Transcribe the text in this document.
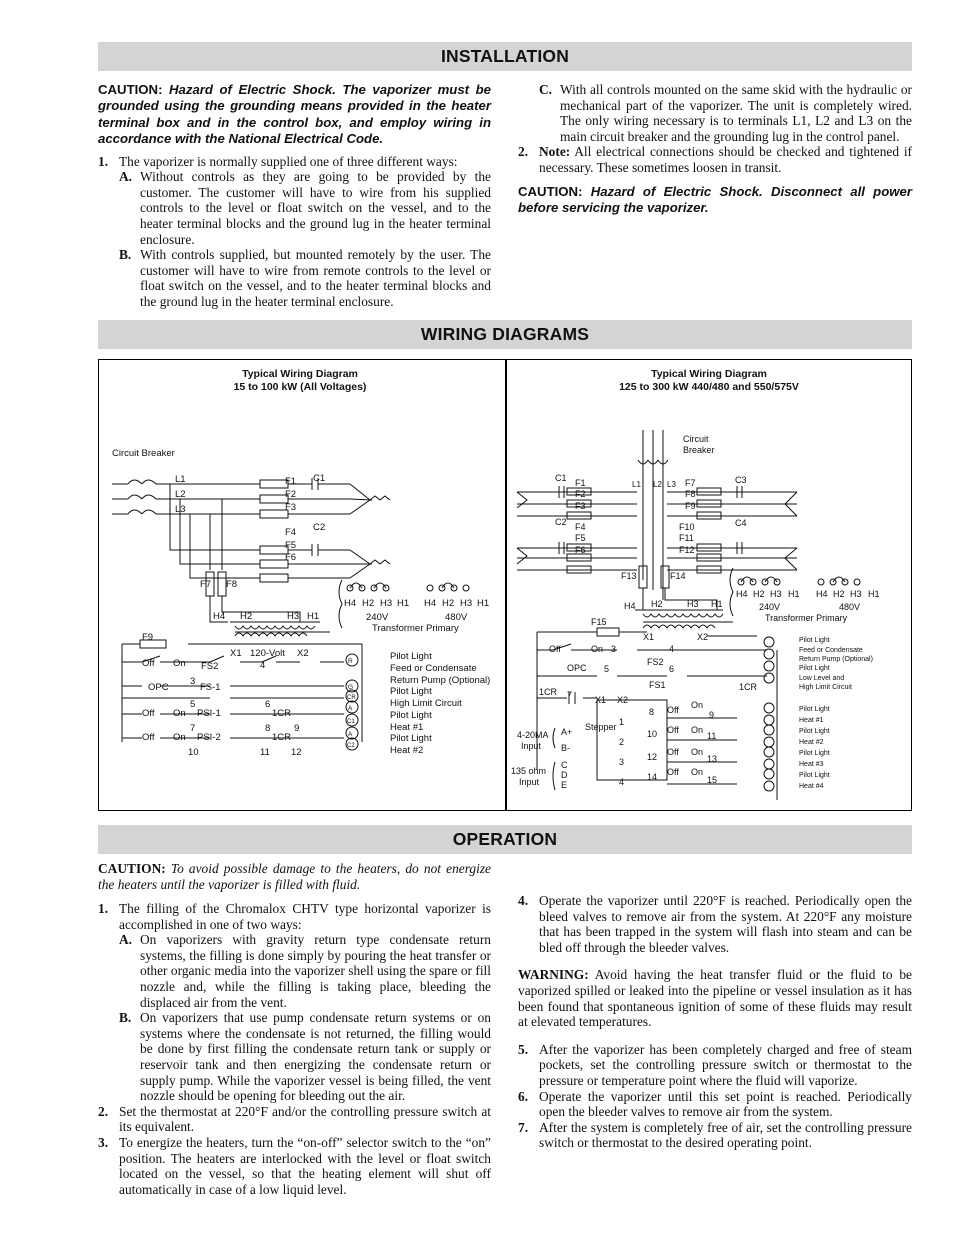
INSTALLATION

CAUTION: Hazard of Electric Shock. The vaporizer must be grounded using the grounding means provided in the heater terminal box and in the control box, and employ wiring in accordance with the National Electrical Code.

1. The vaporizer is normally supplied one of three different ways:
A. Without controls as they are going to be provided by the customer. The customer will have to wire from his supplied controls to the level or float switch on the vessel, and to the heater terminal blocks and the ground lug in the heater terminal enclosure.
B. With controls supplied, but mounted remotely by the user. The customer will have to wire from remote controls to the level or float switch on the vessel, and to the heater terminal blocks and the ground lug in the heater terminal enclosure.
C. With all controls mounted on the same skid with the hydraulic or mechanical part of the vaporizer. The unit is completely wired. The only wiring necessary is to terminals L1, L2 and L3 on the main circuit breaker and the grounding lug in the control panel.
2. Note: All electrical connections should be checked and tightened if necessary. These sometimes loosen in transit.

CAUTION: Hazard of Electric Shock. Disconnect all power before servicing the vaporizer.

WIRING DIAGRAMS
Typical Wiring Diagram
15 to 100 kW (All Voltages)
Typical Wiring Diagram
125 to 300 kW 440/480 and 550/575V
Circuit Breaker
L1
L2
L3
F1
F2
F3
F4
F5
F6
C1
C2
F7 F8
H4 H2	H3 H1
H4 H2 H3 H1 H4 H2 H3 H1
240V	480V
Transformer Primary
F9
X1 120-Volt X2
Off On FS2	4
OPC
3
FS-1
5	6
Off On PSI-1	1CR
7	8 9
Off On PSI-2	1CR
10	11 12
R
G
CR
A
C1
A
C2
Pilot Light
Feed or Condensate
Return Pump (Optional)
Pilot Light
High Limit Circuit
Pilot Light
Heat #1
Pilot Light
Heat #2
Circuit
Breaker
L1 L2 L3
C1
C2
C3
C4
F1
F2
F3
F4
F5
F6
F7
F8
F9
F10
F11
F12
F13	F14
H4 H2	H3 H1
H4 H2 H3 H1 H4 H2 H3 H1
240V	480V
Transformer Primary
F15
X1	X2
Off	On 3	4
FS2
6
OPC 5
FS1
1CR 7	X1 X2
Stepper 1
2
3
4
4-20MA
Input
A+
B-
135 ohm
Input
C
D
E
Off On
8	9
Off On
10	11
Off On
12	13
Off On
14	15
1CR
Pilot Light
Feed or Condensate
Return Pump (Optional)
Pilot Light
Low Level and
High Limit Circuit
Pilot Light
Heat #1
Pilot Light
Heat #2
Pilot Light
Heat #3
Pilot Light
Heat #4
OPERATION

CAUTION: To avoid possible damage to the heaters, do not energize the heaters until the vaporizer is filled with fluid.

1. The filling of the Chromalox CHTV type horizontal vaporizer is accomplished in one of two ways:
A. On vaporizers with gravity return type condensate return systems, the filling is done simply by pouring the heat transfer or other organic media into the vaporizer shell using the spare or fill nozzle and, while the filling is taking place, bleeding the displaced air from the vent.
B. On vaporizers that use pump condensate return systems or on systems where the condensate is not returned, the filling would be done by first filling the condensate return tank or supply or reservoir tank and then energizing the condensate return or supply pump. While the vaporizer vessel is being filled, the vent nozzle should be opening for bleeding out the air.
2. Set the thermostat at 220°F and/or the controlling pressure switch at its equivalent.
3. To energize the heaters, turn the “on-off” selector switch to the “on” position. The heaters are interlocked with the level or float switch located on the vessel, so that the heating element will shut off automatically in case of a low liquid level.
4. Operate the vaporizer until 220°F is reached. Periodically open the bleed valves to remove air from the system. At 220°F any moisture that has been trapped in the system will flash into steam and can be bled off through the bleeder valves.

WARNING: Avoid having the heat transfer fluid or the fluid to be vaporized spilled or leaked into the pipeline or vessel insulation as it has been found that spontaneous ignition of some of these fluids may result at elevated temperatures.

5. After the vaporizer has been completely charged and free of steam pockets, set the controlling pressure switch or thermostat to the pressure or temperature point where the fluid will vaporize.
6. Operate the vaporizer until this set point is reached. Periodically open the bleeder valves to remove air from the system.
7. After the system is completely free of air, set the controlling pressure switch or thermostat to the desired operating point.
